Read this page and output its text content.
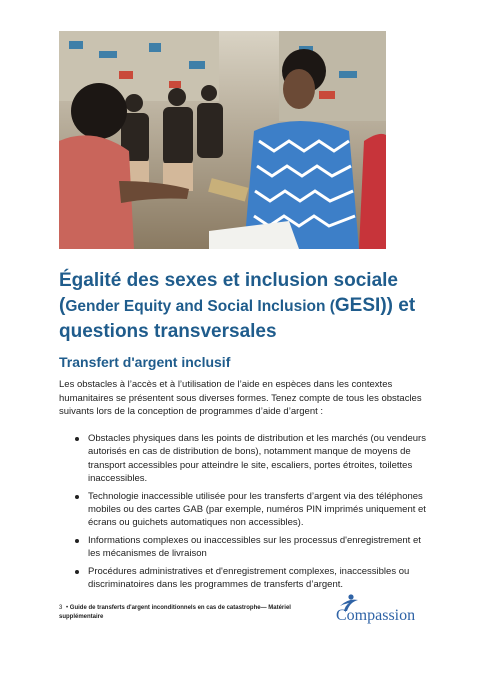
Égalité des sexes et inclusion sociale (Gender Equity and Social Inclusion (GESI)) et questions transversales
Transfert d'argent inclusif

Les obstacles à l’accès et à l’utilisation de l’aide en espèces dans les contextes humanitaires se présentent sous diverses formes. Tenez compte de tous les obstacles suivants lors de la conception de programmes d’aide d’argent :

Obstacles physiques dans les points de distribution et les marchés (ou vendeurs autorisés en cas de distribution de bons), notamment manque de moyens de transport accessibles pour atteindre le site, escaliers, portes étroites, toilettes inaccessibles.
Technologie inaccessible utilisée pour les transferts d’argent via des téléphones mobiles ou des cartes GAB (par exemple, numéros PIN imprimés uniquement et écrans ou guichets automatiques non accessibles).
Informations complexes ou inaccessibles sur les processus d'enregistrement et les mécanismes de livraison
Procédures administratives et d'enregistrement complexes, inaccessibles ou discriminatoires dans les programmes de transferts d’argent.
3 • Guide de transferts d'argent inconditionnels en cas de catastrophe— Matériel supplémentaire	Compassion
